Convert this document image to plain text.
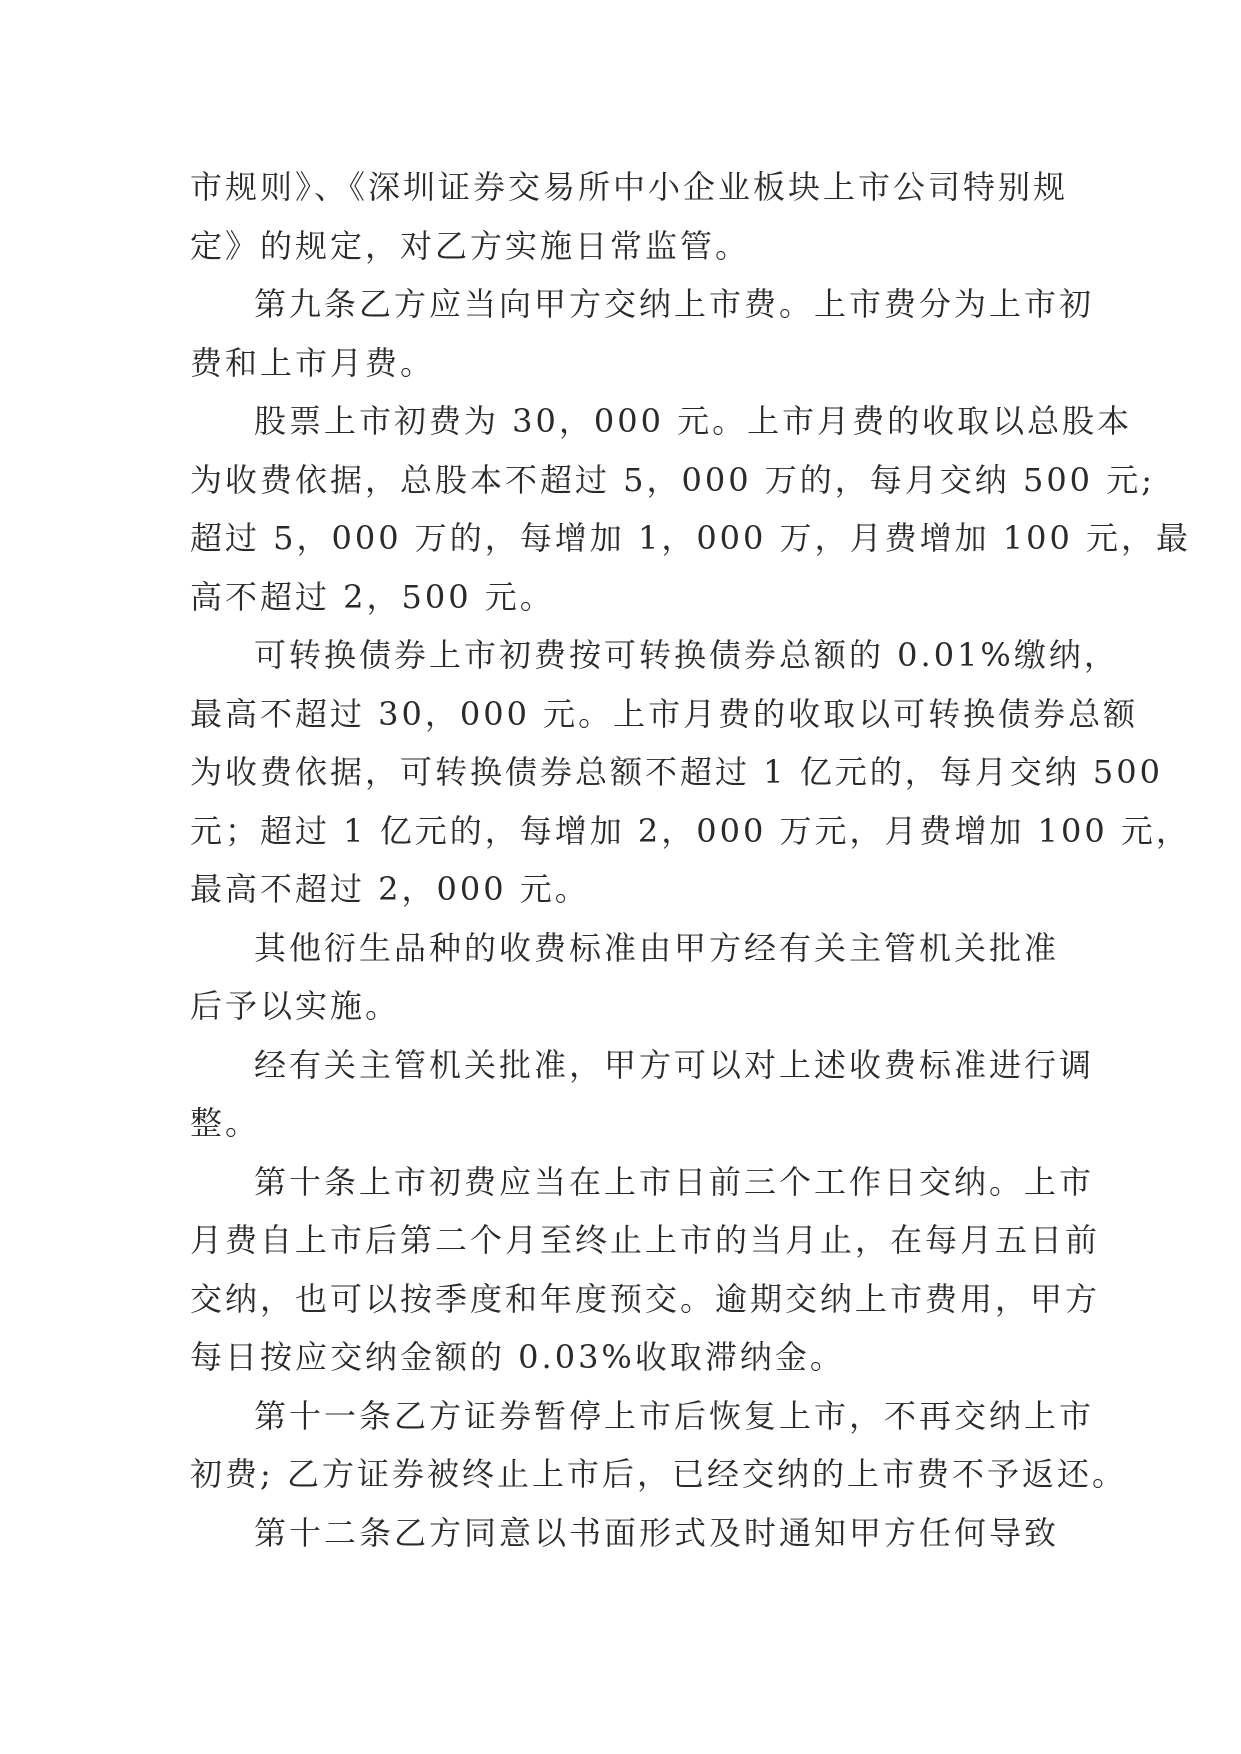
市规则》、《深圳证券交易所中小企业板块上市公司特别规
定》的规定，对乙方实施日常监管。
第九条乙方应当向甲方交纳上市费。上市费分为上市初
费和上市月费。
股票上市初费为 30，000 元。上市月费的收取以总股本
为收费依据，总股本不超过 5，000 万的，每月交纳 500 元;
超过 5，000 万的，每增加 1，000 万，月费增加 100 元，最
高不超过 2，500 元。
可转换债券上市初费按可转换债券总额的 0.01%缴纳，
最高不超过 30，000 元。上市月费的收取以可转换债券总额
为收费依据，可转换债券总额不超过 1 亿元的，每月交纳 500
元；超过 1 亿元的，每增加 2，000 万元，月费增加 100 元，
最高不超过 2，000 元。
其他衍生品种的收费标准由甲方经有关主管机关批准
后予以实施。
经有关主管机关批准，甲方可以对上述收费标准进行调
整。
第十条上市初费应当在上市日前三个工作日交纳。上市
月费自上市后第二个月至终止上市的当月止，在每月五日前
交纳，也可以按季度和年度预交。逾期交纳上市费用，甲方
每日按应交纳金额的 0.03%收取滞纳金。
第十一条乙方证券暂停上市后恢复上市，不再交纳上市
初费; 乙方证券被终止上市后，已经交纳的上市费不予返还。
第十二条乙方同意以书面形式及时通知甲方任何导致
